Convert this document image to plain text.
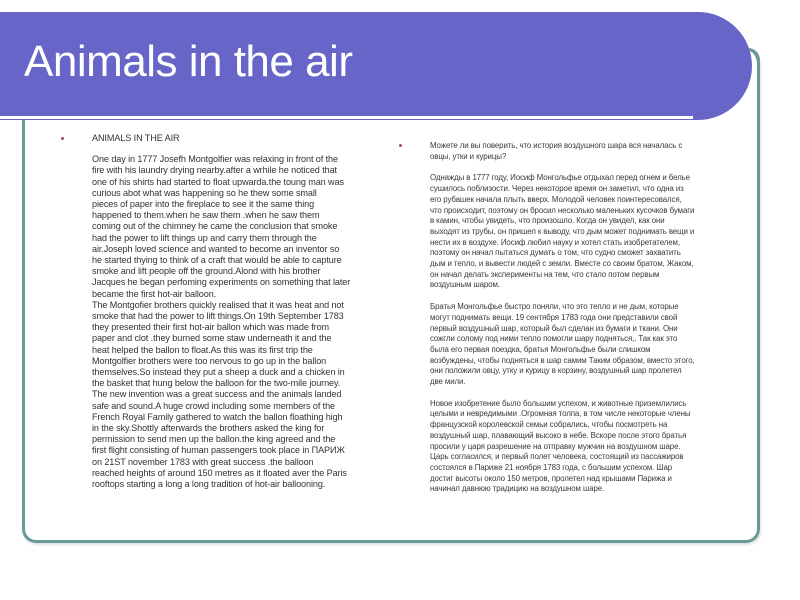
Animals in the air
ANIMALS IN THE AIR
One day in 1777 Josefh Montgolfier was relaxing in front of the
fire with his laundry drying nearby.after a wrhile he noticed that
one of his shirts had started to float upwarda.the toung man was
curious abot what was happening so he thew some small
pieces of paper into the fireplace to see it the same thing
happened to them.when he saw them .when he saw them
coming out of the chimney he came the conclusion that smoke
had the power to lift things up and carry them through the
air.Joseph loved science and wanted to become an inventor so
he started thying to think of a craft that would be able to capture
smoke and lift people off the ground.Alond with his brother
Jacques he began perfoming experiments on something that later
became the first hot-air balloon.
The Montgofier brothers quickly realised that it was heat and not
smoke that had the power to lift things.On 19th September 1783
they presented their first hot-air ballon which was made from
paper and clot .they burned some staw underneath it and the
heat helped the ballon to float.As this was its first trip the
Montgolfier brothers were too nervous to go up in the ballon
themselves.So instead they put a sheep a duck and a chicken in
the basket that hung below the balloon for the two-mile journey.
The new invention was a great success and the animals landed
safe and sound.A huge crowd including some members of the
French Royal Family gathered to watch the ballon floathing high
in the sky.Shottly afterwards the brothers asked the king for
permission to send men up the ballon.the king agreed and the
first flight consisting of human passengers took place in ПАРИЖ
on 21ST november 1783 with great success .the balloon
reached heights of around 150 metres as it floated aver the Paris
rooftops starting a long a long tradition of hot-air ballooning.
Можете ли вы поверить, что история воздушного шара вся началась с
овцы, утки и курицы?
Однажды в 1777 году, Иосиф Монгольфье отдыхал перед огнем и белье
сушилось поблизости. Через некоторое время он заметил, что одна из
его рубашек начала плыть вверх. Молодой человек поинтересовался,
что происходит, поэтому он бросил несколько маленьких кусочков бумаги
в камин, чтобы увидеть, что произошло. Когда он увидел, как они
выходят из трубы, он пришел к выводу, что дым может поднимать вещи и
нести их в воздухе. Иосиф любил науку и хотел стать изобретателем,
поэтому он начал пытаться думать о том, что судно сможет захватить
дым и тепло, и вывести людей с земли. Вместе со своим братом, Жаком,
он начал делать эксперименты на тем, что стало потом первым
воздушным шаром.
Братья Монгольфье быстро поняли, что это тепло и не дым, которые
могут поднимать вещи. 19 сентября 1783 года они представили свой
первый воздушный шар, который был сделан из бумаги и ткани. Они
сожгли солому под ними тепло помогли шару подняться,. Так как это
была его первая поездка, братья Монгольфье были слишком
возбуждены, чтобы подняться в шар самим Таким образом, вместо этого,
они положили овцу, утку и курицу в корзину, воздушный шар пролетел
две мили.
Новое изобретение было большим успехом, и животные приземлились
целыми и невредимыми .Огромная толпа, в том числе некоторые члены
французской королевской семьи собрались, чтобы посмотреть на
воздушный шар, плавающий высоко в небе. Вскоре после этого братья
просили у царя разрешение на отправку мужчин на воздушном шаре.
Царь согласился, и первый полет человека, состоящий из пассажиров
состоялся в Париже 21 ноября 1783 года, с большим успехом. Шар
достиг высоты около 150 метров, пролетел над крышами Парижа и
начинал давнюю традицию на воздушном шаре.
